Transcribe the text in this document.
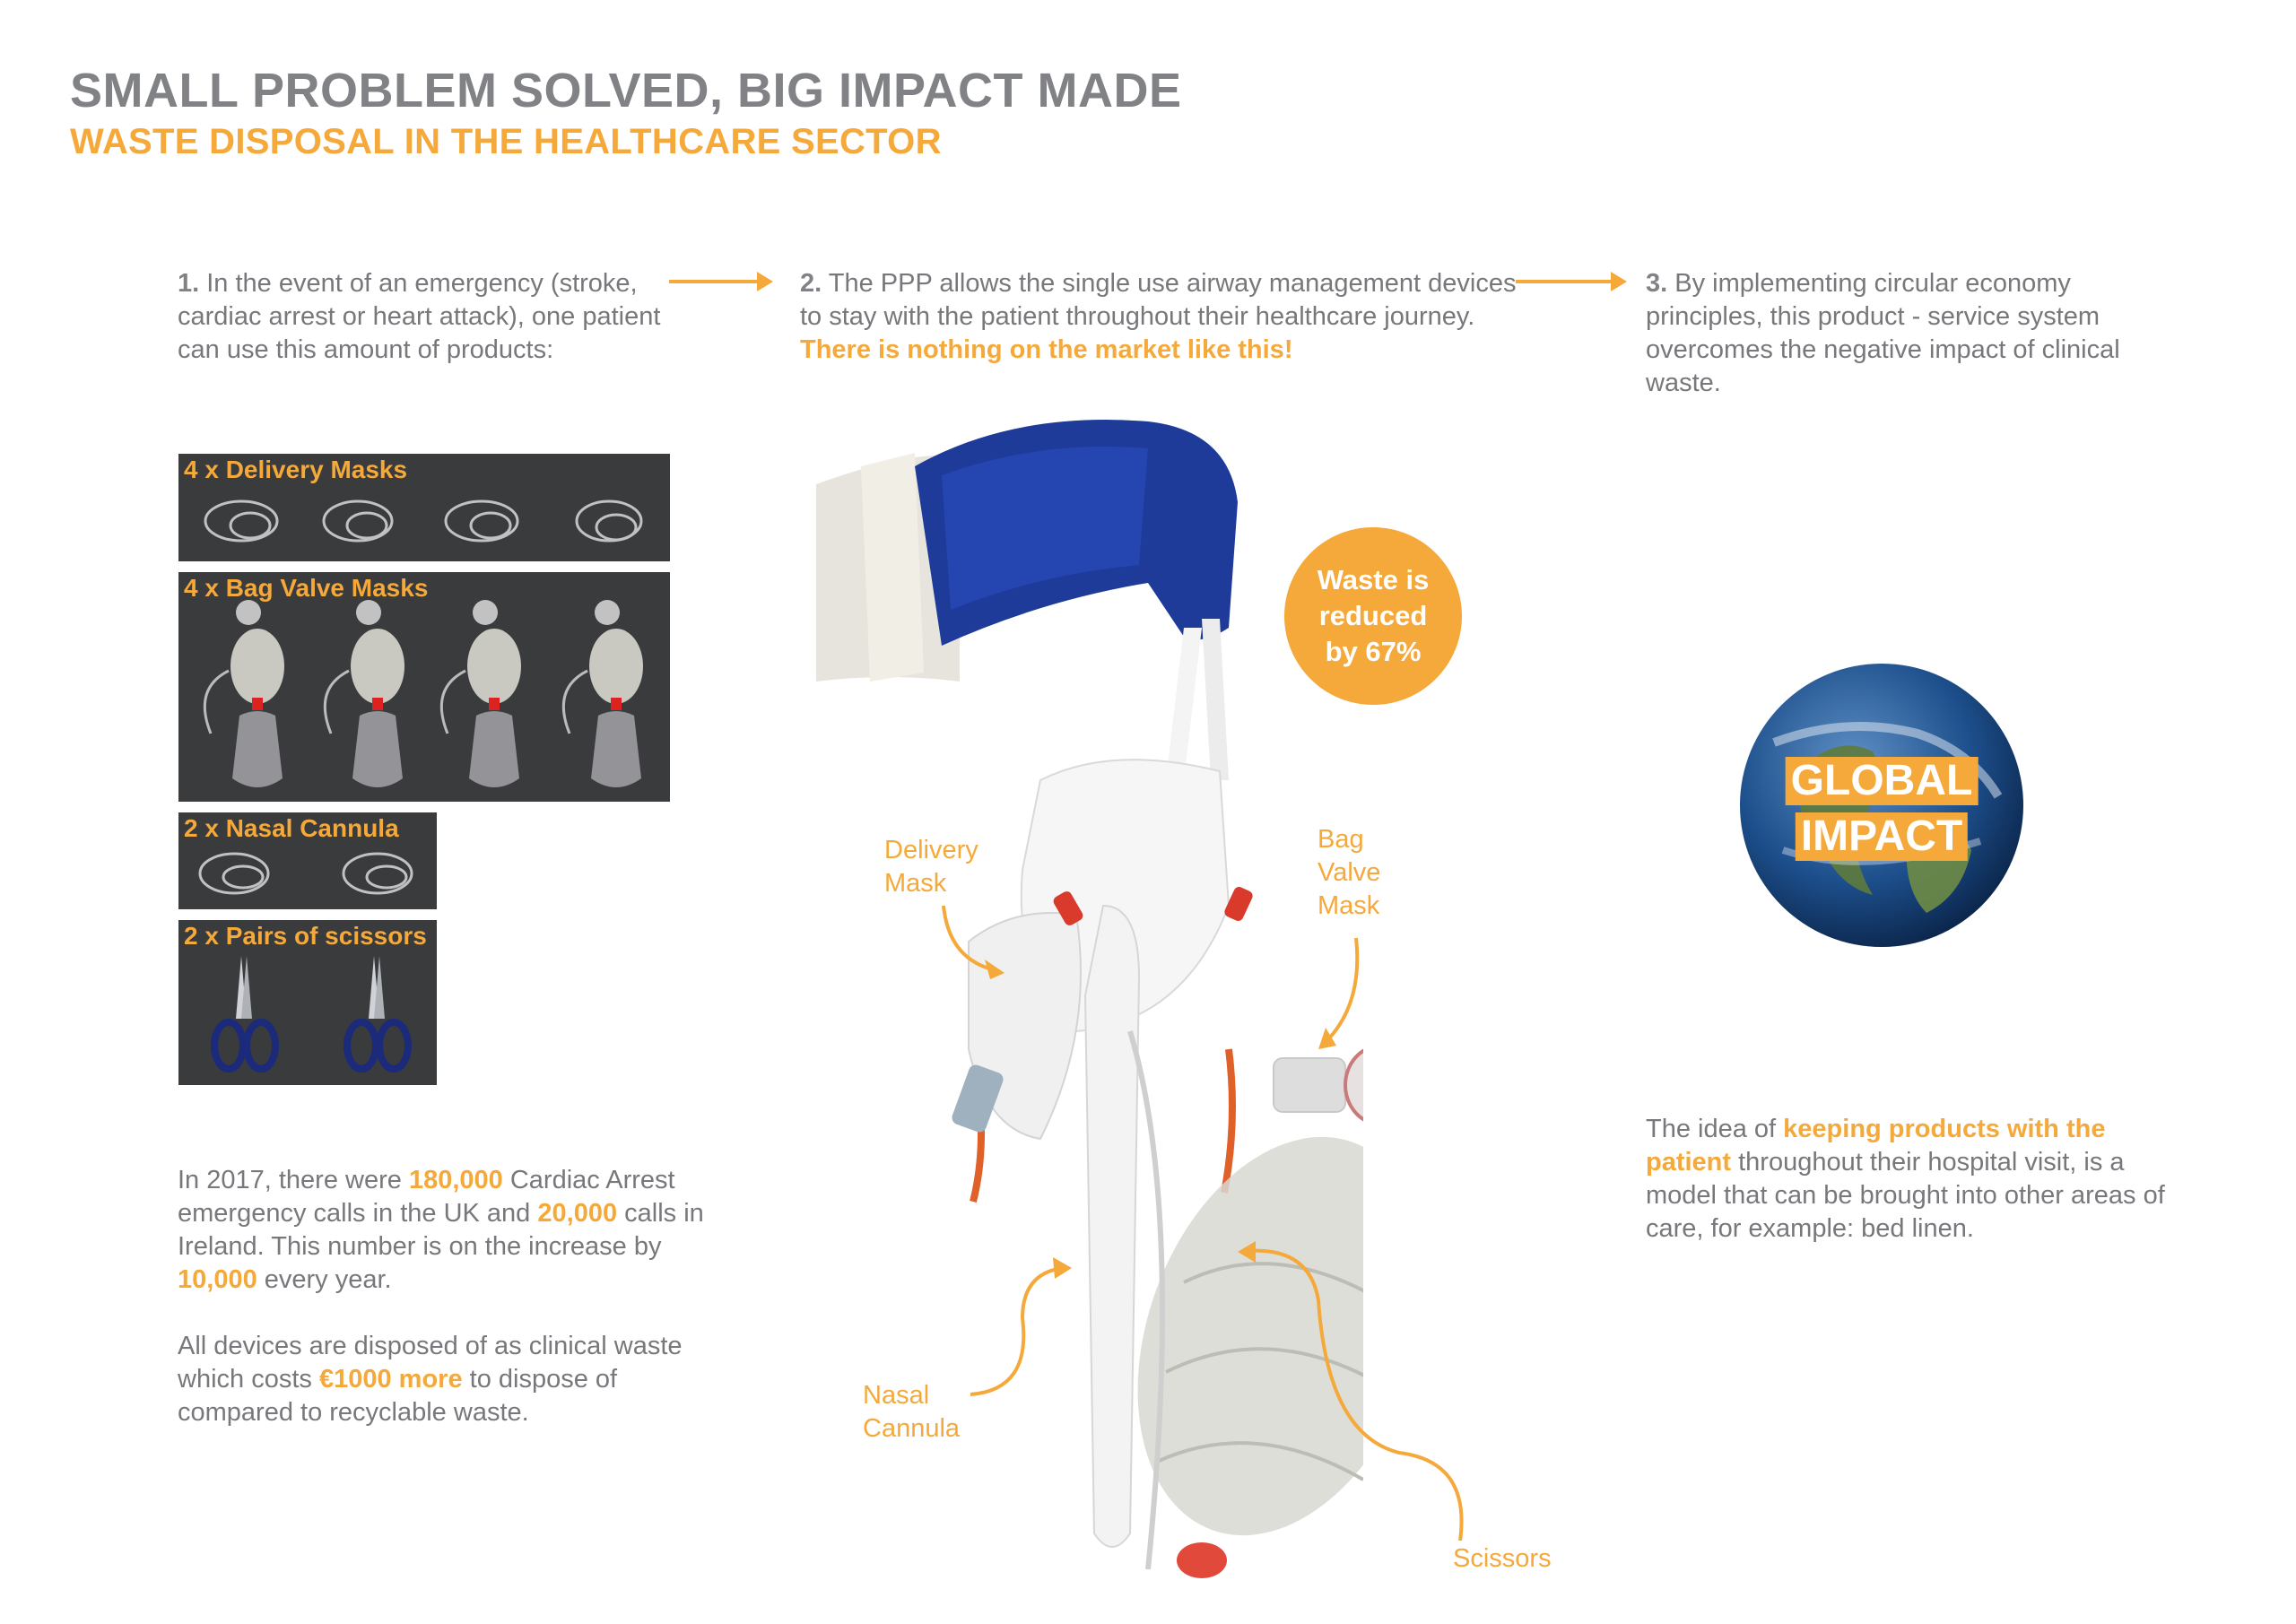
SMALL PROBLEM SOLVED, BIG IMPACT MADE
WASTE DISPOSAL IN THE HEALTHCARE SECTOR
1. In the event of an emergency (stroke, cardiac arrest or heart attack), one patient can use this amount of products:
2. The PPP allows the single use airway management devices to stay with the patient throughout their healthcare journey. There is nothing on the market like this!
3. By implementing circular economy principles, this product - service system overcomes the negative impact of clinical waste.
4 x Delivery Masks
4 x Bag Valve Masks
2 x Nasal Cannula
2 x Pairs of scissors
In 2017, there were 180,000 Cardiac Arrest emergency calls in the UK and 20,000 calls in Ireland. This number is on the increase by 10,000 every year.
All devices are disposed of as clinical waste which costs €1000 more to dispose of compared to recyclable waste.
Waste is
reduced
by 67%
Delivery
Mask
Bag
Valve
Mask
Nasal
Cannula
Scissors
GLOBAL
IMPACT
The idea of keeping products with the patient throughout their hospital visit, is a model that can be brought into other areas of care, for example: bed linen.
